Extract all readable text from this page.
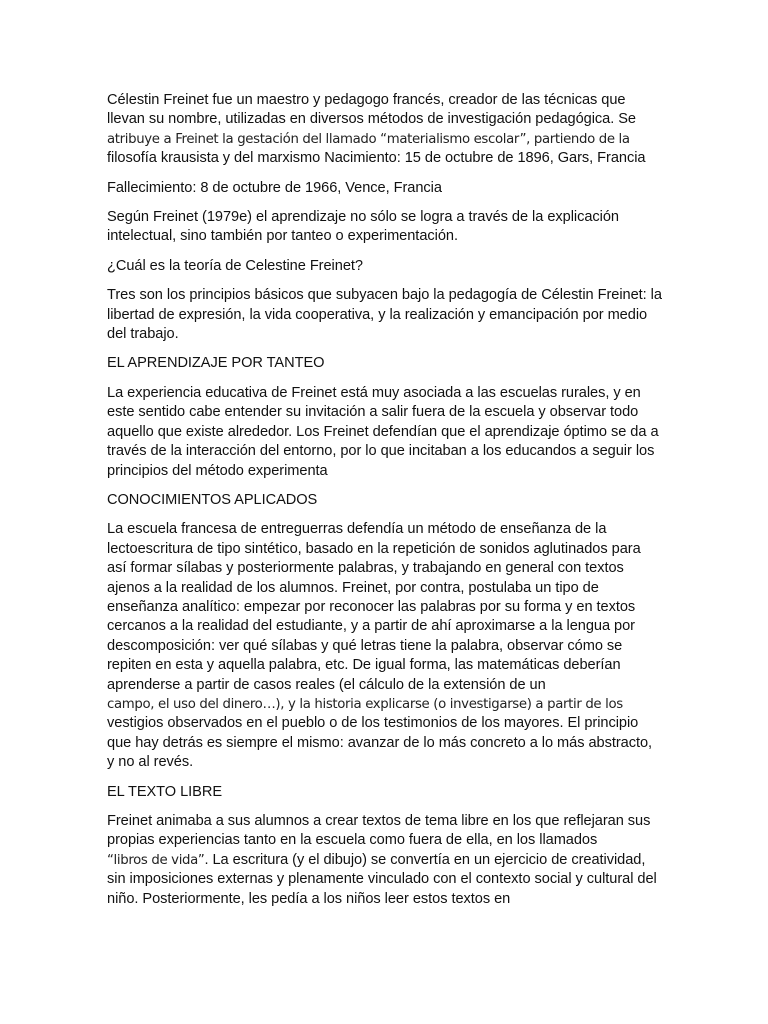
Célestin Freinet fue un maestro y pedagogo francés, creador de las técnicas que llevan su nombre, utilizadas en diversos métodos de investigación pedagógica. Se
atribuye a Freinet la gestación del llamado “materialismo escolar”, partiendo de la
filosofía krausista y del marxismo Nacimiento: 15 de octubre de 1896, Gars, Francia

Fallecimiento: 8 de octubre de 1966, Vence, Francia

Según Freinet (1979e) el aprendizaje no sólo se logra a través de la explicación intelectual, sino también por tanteo o experimentación.

¿Cuál es la teoría de Celestine Freinet?

Tres son los principios básicos que subyacen bajo la pedagogía de Célestin Freinet: la libertad de expresión, la vida cooperativa, y la realización y emancipación por medio del trabajo.

EL APRENDIZAJE POR TANTEO

La experiencia educativa de Freinet está muy asociada a las escuelas rurales, y en este sentido cabe entender su invitación a salir fuera de la escuela y observar todo aquello que existe alrededor. Los Freinet defendían que el aprendizaje óptimo se da a través de la interacción del entorno, por lo que incitaban a los educandos a seguir los principios del método experimenta

CONOCIMIENTOS APLICADOS

La escuela francesa de entreguerras defendía un método de enseñanza de la lectoescritura de tipo sintético, basado en la repetición de sonidos aglutinados para así formar sílabas y posteriormente palabras, y trabajando en general con textos ajenos a la realidad de los alumnos. Freinet, por contra, postulaba un tipo de enseñanza analítico: empezar por reconocer las palabras por su forma y en textos cercanos a la realidad del estudiante, y a partir de ahí aproximarse a la lengua por descomposición: ver qué sílabas y qué letras tiene la palabra, observar cómo se repiten en esta y aquella palabra, etc. De igual forma, las matemáticas deberían aprenderse a partir de casos reales (el cálculo de la extensión de un
campo, el uso del dinero…), y la historia explicarse (o investigarse) a partir de los
vestigios observados en el pueblo o de los testimonios de los mayores. El principio que hay detrás es siempre el mismo: avanzar de lo más concreto a lo más abstracto, y no al revés.

EL TEXTO LIBRE

Freinet animaba a sus alumnos a crear textos de tema libre en los que reflejaran sus propias experiencias tanto en la escuela como fuera de ella, en los llamados
“libros de vida”. La escritura (y el dibujo) se convertía en un ejercicio de creatividad, sin imposiciones externas y plenamente vinculado con el contexto social y cultural del niño. Posteriormente, les pedía a los niños leer estos textos en
